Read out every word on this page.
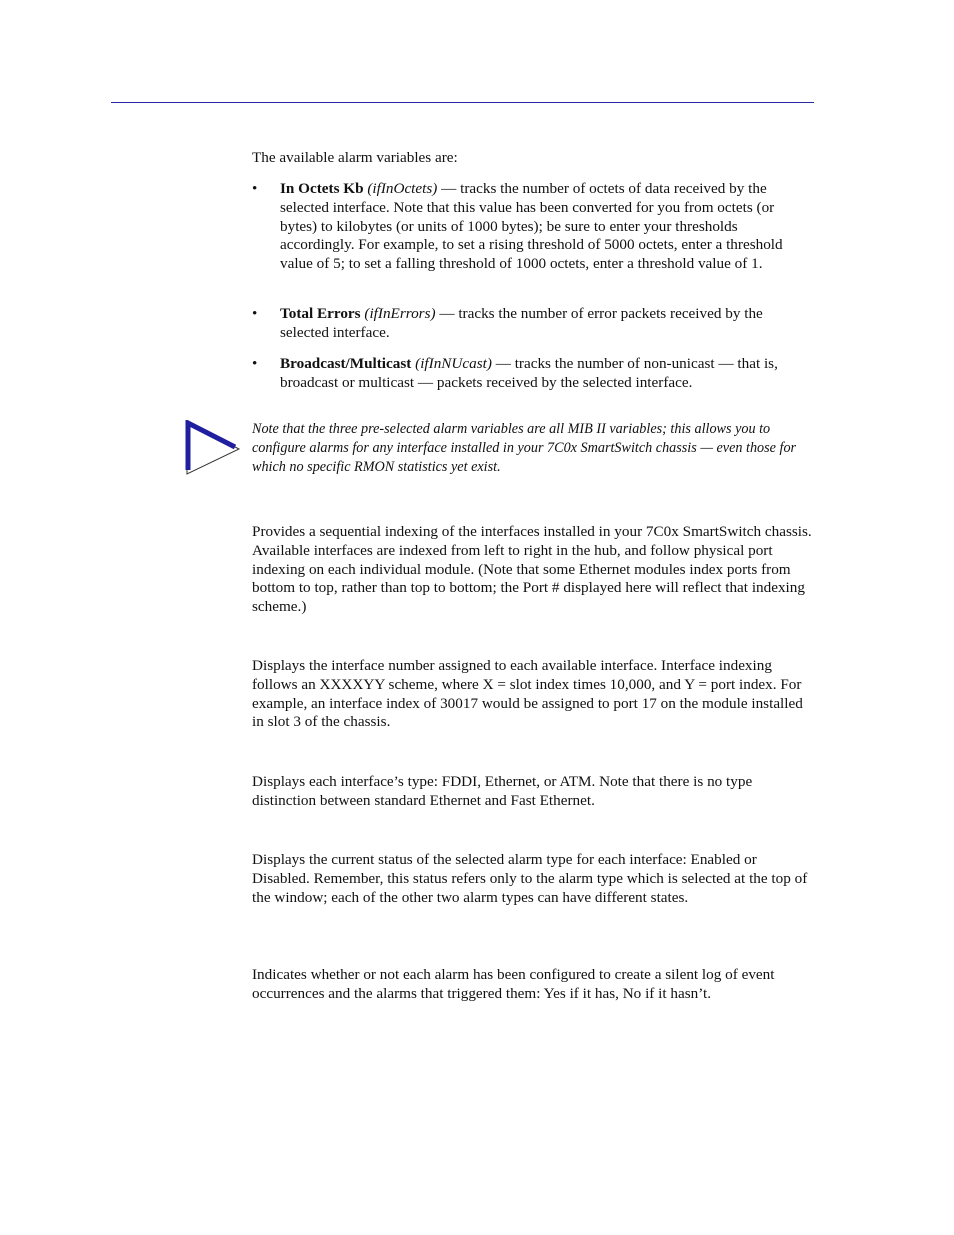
The available alarm variables are:
•	In Octets Kb (ifInOctets) — tracks the number of octets of data received by the selected interface. Note that this value has been converted for you from octets (or bytes) to kilobytes (or units of 1000 bytes); be sure to enter your thresholds accordingly. For example, to set a rising threshold of 5000 octets, enter a threshold value of 5; to set a falling threshold of 1000 octets, enter a threshold value of 1.
•	Total Errors (ifInErrors) — tracks the number of error packets received by the selected interface.
•	Broadcast/Multicast (ifInNUcast) — tracks the number of non-unicast — that is, broadcast or multicast — packets received by the selected interface.
Note that the three pre-selected alarm variables are all MIB II variables; this allows you to configure alarms for any interface installed in your 7C0x SmartSwitch chassis — even those for which no specific RMON statistics yet exist.
Provides a sequential indexing of the interfaces installed in your 7C0x SmartSwitch chassis. Available interfaces are indexed from left to right in the hub, and follow physical port indexing on each individual module. (Note that some Ethernet modules index ports from bottom to top, rather than top to bottom; the Port # displayed here will reflect that indexing scheme.)
Displays the interface number assigned to each available interface. Interface indexing follows an XXXXYY scheme, where X = slot index times 10,000, and Y = port index. For example, an interface index of 30017 would be assigned to port 17 on the module installed in slot 3 of the chassis.
Displays each interface’s type: FDDI, Ethernet, or ATM. Note that there is no type distinction between standard Ethernet and Fast Ethernet.
Displays the current status of the selected alarm type for each interface: Enabled or Disabled. Remember, this status refers only to the alarm type which is selected at the top of the window; each of the other two alarm types can have different states.
Indicates whether or not each alarm has been configured to create a silent log of event occurrences and the alarms that triggered them: Yes if it has, No if it hasn’t.
